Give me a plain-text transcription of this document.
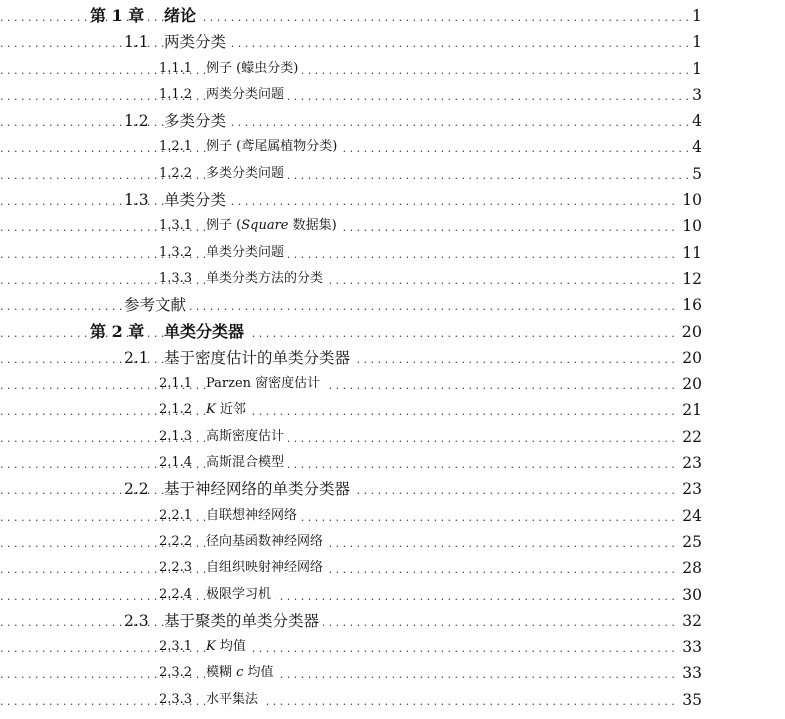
. . .
第 1 章 绪论	1
. . .
1.1 两类分类	1
. . .
1.1.1 例子 (蠓虫分类)	1
. . .
1.1.2 两类分类问题	3
. . .
1.2 多类分类	4
. . .
1.2.1 例子 (鸢尾属植物分类)	4
. . .
1.2.2 多类分类问题	5
. . .
1.3 单类分类	10
. . .
1.3.1 例子 (Square 数据集)	10
. . .
1.3.2 单类分类问题	11
. . .
1.3.3 单类分类方法的分类	12
. . .
参考文献	16
. . .
第 2 章 单类分类器	20
. . .
2.1 基于密度估计的单类分类器	20
. . .
2.1.1 Parzen 窗密度估计	20
. . .
2.1.2 K 近邻	21
. . .
2.1.3 高斯密度估计	22
. . .
2.1.4 高斯混合模型	23
. . .
2.2 基于神经网络的单类分类器	23
. . .
2.2.1 自联想神经网络	24
. . .
2.2.2 径向基函数神经网络	25
. . .
2.2.3 自组织映射神经网络	28
. . .
2.2.4 极限学习机	30
. . .
2.3 基于聚类的单类分类器	32
. . .
2.3.1 K 均值	33
. . .
2.3.2 模糊 c 均值	33
. . .
2.3.3 水平集法	35
